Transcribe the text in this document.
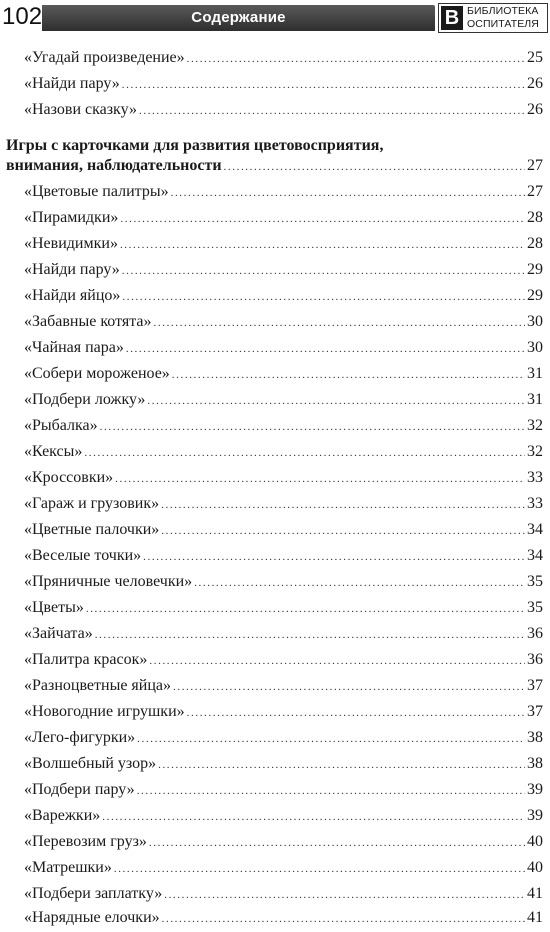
102	Содержание	B БИБЛИОТЕКА
ОСПИТАТЕЛЯ
«Угадай произведение» .....	25
«Найди пару» .....	26
«Назови сказку» .....	26
Игры с карточками для развития цветовосприятия,
внимания, наблюдательности .....	27
«Цветовые палитры» .....	27
«Пирамидки» .....	28
«Невидимки» .....	28
«Найди пару» .....	29
«Найди яйцо» .....	29
«Забавные котята» .....	30
«Чайная пара» .....	30
«Собери мороженое» .....	31
«Подбери ложку» .....	31
«Рыбалка» .....	32
«Кексы» .....	32
«Кроссовки» .....	33
«Гараж и грузовик» .....	33
«Цветные палочки» .....	34
«Веселые точки» .....	34
«Пряничные человечки» .....	35
«Цветы» .....	35
«Зайчата» .....	36
«Палитра красок» .....	36
«Разноцветные яйца» .....	37
«Новогодние игрушки» .....	37
«Лего-фигурки» .....	38
«Волшебный узор» .....	38
«Подбери пару» .....	39
«Варежки» .....	39
«Перевозим груз» .....	40
«Матрешки» .....	40
«Подбери заплатку» .....	41
«Нарядные елочки» .....	41
